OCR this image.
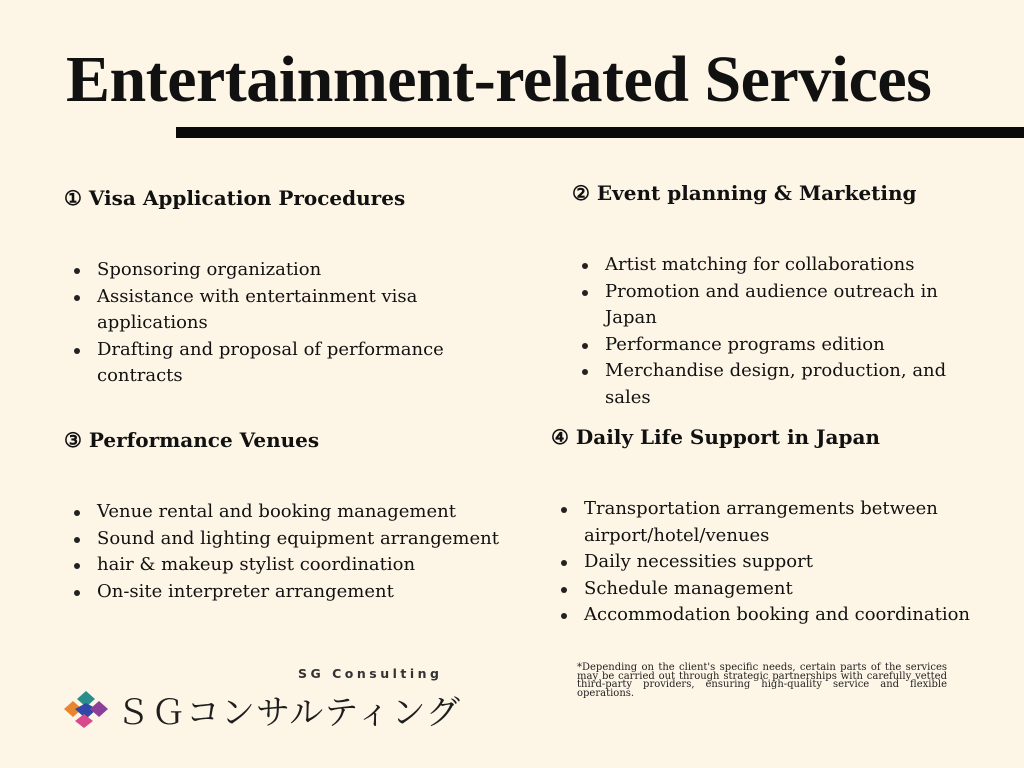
Entertainment-related Services
① Visa Application Procedures
Sponsoring organization
Assistance with entertainment visa applications
Drafting and proposal of performance contracts
② Event planning & Marketing
Artist matching for collaborations
Promotion and audience outreach in Japan
Performance programs edition
Merchandise design, production, and sales
③ Performance Venues
Venue rental and booking management
Sound and lighting equipment arrangement
hair & makeup stylist coordination
On-site interpreter arrangement
④ Daily Life Support in Japan
Transportation arrangements between airport/hotel/venues
Daily necessities support
Schedule management
Accommodation booking and coordination
SG Consulting
ＳＧコンサルティング
*Depending on the client's specific needs, certain parts of the services may be carried out through strategic partnerships with carefully vetted third-party providers, ensuring high-quality service and flexible operations.
